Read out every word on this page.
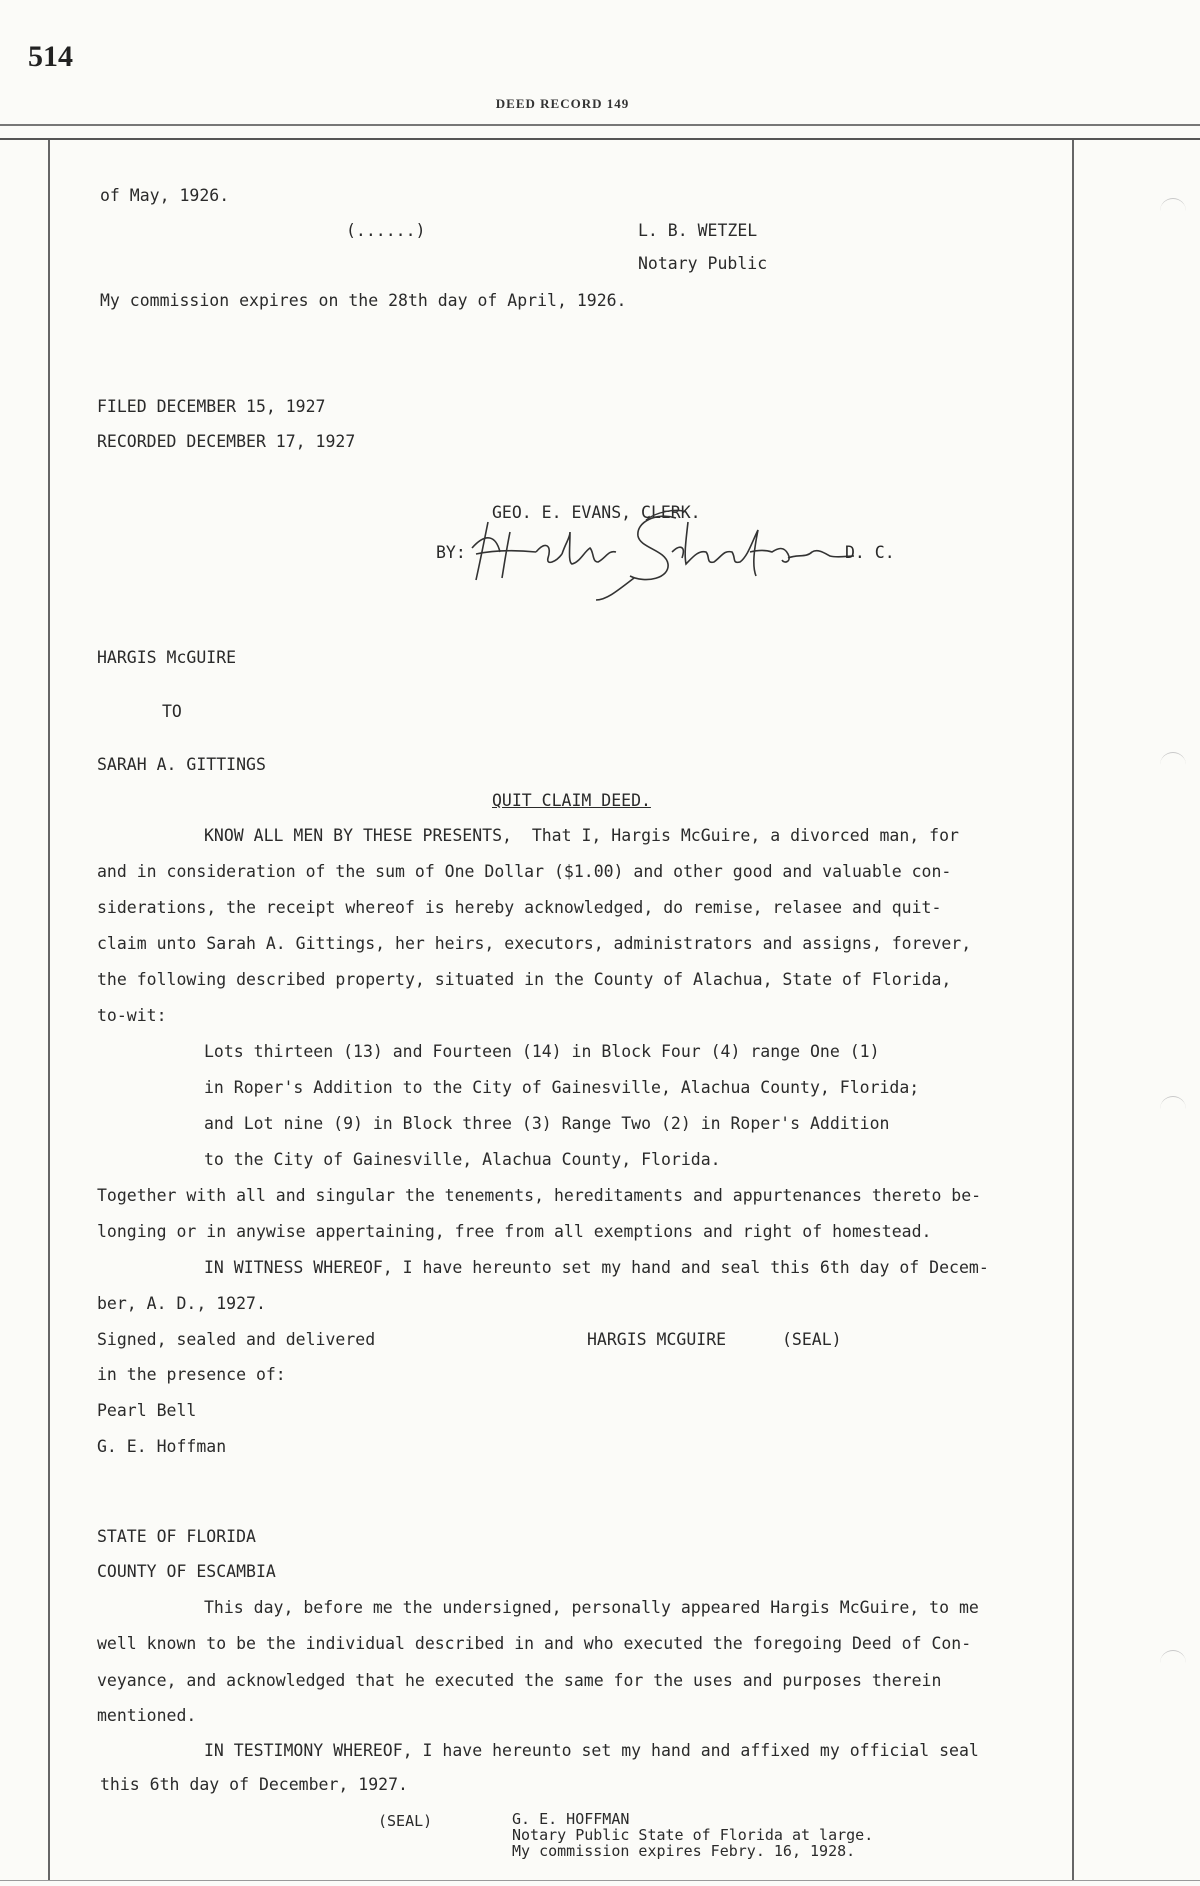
514
DEED RECORD 149
of May, 1926.
(......)	L. B. WETZEL
Notary Public
My commission expires on the 28th day of April, 1926.
FILED DECEMBER 15, 1927
RECORDED DECEMBER 17, 1927
GEO. E. EVANS, CLERK.
BY:	D. C.
HARGIS McGUIRE
TO
SARAH A. GITTINGS
QUIT CLAIM DEED.
KNOW ALL MEN BY THESE PRESENTS,  That I, Hargis McGuire, a divorced man, for
and in consideration of the sum of One Dollar ($1.00) and other good and valuable con-
siderations, the receipt whereof is hereby acknowledged, do remise, relasee and quit-
claim unto Sarah A. Gittings, her heirs, executors, administrators and assigns, forever,
the following described property, situated in the County of Alachua, State of Florida,
to-wit:
Lots thirteen (13) and Fourteen (14) in Block Four (4) range One (1)
in Roper's Addition to the City of Gainesville, Alachua County, Florida;
and Lot nine (9) in Block three (3) Range Two (2) in Roper's Addition
to the City of Gainesville, Alachua County, Florida.
Together with all and singular the tenements, hereditaments and appurtenances thereto be-
longing or in anywise appertaining, free from all exemptions and right of homestead.
IN WITNESS WHEREOF, I have hereunto set my hand and seal this 6th day of Decem-
ber, A. D., 1927.
Signed, sealed and delivered	HARGIS MCGUIRE	(SEAL)
in the presence of:
Pearl Bell
G. E. Hoffman
STATE OF FLORIDA
COUNTY OF ESCAMBIA
This day, before me the undersigned, personally appeared Hargis McGuire, to me
well known to be the individual described in and who executed the foregoing Deed of Con-
veyance, and acknowledged that he executed the same for the uses and purposes therein
mentioned.
IN TESTIMONY WHEREOF, I have hereunto set my hand and affixed my official seal
this 6th day of December, 1927.
(SEAL)	G. E. HOFFMAN
Notary Public State of Florida at large.
My commission expires Febry. 16, 1928.
